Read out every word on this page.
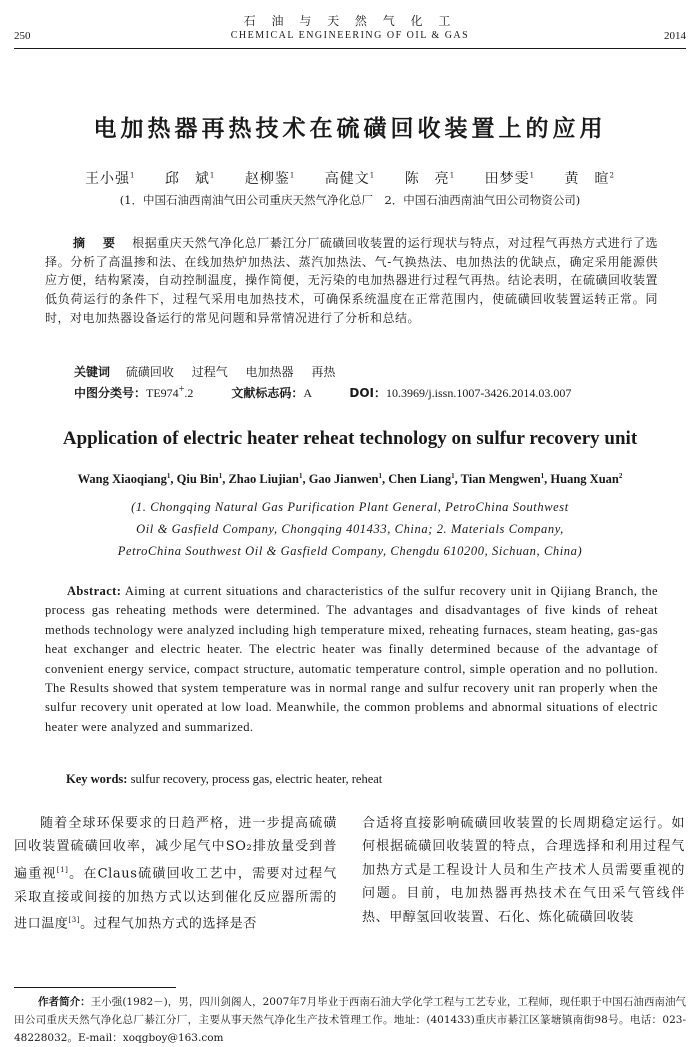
石 油 与 天 然 气 化 工
250	CHEMICAL ENGINEERING OF OIL & GAS	2014
电加热器再热技术在硫磺回收装置上的应用
王小强$^1$ 邱　斌$^1$ 赵柳鉴$^1$ 高健文$^1$ 陈　亮$^1$ 田梦雯$^1$ 黄　暄$^2$
(1．中国石油西南油气田公司重庆天然气净化总厂　2．中国石油西南油气田公司物资公司)
摘　要 根据重庆天然气净化总厂綦江分厂硫磺回收装置的运行现状与特点，对过程气再热方式进行了选择。分析了高温掺和法、在线加热炉加热法、蒸汽加热法、气-气换热法、电加热法的优缺点，确定采用能源供应方便，结构紧凑，自动控制温度，操作简便，无污染的电加热器进行过程气再热。结论表明，在硫磺回收装置低负荷运行的条件下，过程气采用电加热技术，可确保系统温度在正常范围内，使硫磺回收装置运转正常。同时，对电加热器设备运行的常见问题和异常情况进行了分析和总结。
关键词 硫磺回收 过程气 电加热器 再热
中图分类号：TE974+.2	文献标志码：A	DOI：10.3969/j.issn.1007-3426.2014.03.007
Application of electric heater reheat technology on sulfur recovery unit
Wang Xiaoqiang$^1$, Qiu Bin$^1$, Zhao Liujian$^1$, Gao Jianwen$^1$, Chen Liang$^1$, Tian Mengwen$^1$, Huang Xuan$^2$
(1. Chongqing Natural Gas Purification Plant General, PetroChina Southwest
Oil & Gasfield Company, Chongqing 401433, China; 2. Materials Company,
PetroChina Southwest Oil & Gasfield Company, Chengdu 610200, Sichuan, China)
Abstract: Aiming at current situations and characteristics of the sulfur recovery unit in Qijiang Branch, the process gas reheating methods were determined. The advantages and disadvantages of five kinds of reheat methods technology were analyzed including high temperature mixed, reheating furnaces, steam heating, gas-gas heat exchanger and electric heater. The electric heater was finally determined because of the advantage of convenient energy service, compact structure, automatic temperature control, simple operation and no pollution. The Results showed that system temperature was in normal range and sulfur recovery unit ran properly when the sulfur recovery unit operated at low load. Meanwhile, the common problems and abnormal situations of electric heater were analyzed and summarized.
Key words: sulfur recovery, process gas, electric heater, reheat
随着全球环保要求的日趋严格，进一步提高硫磺回收装置硫磺回收率，减少尾气中SO₂排放量受到普遍重视[1]。在Claus硫磺回收工艺中，需要对过程气采取直接或间接的加热方式以达到催化反应器所需的进口温度[3]。过程气加热方式的选择是否
合适将直接影响硫磺回收装置的长周期稳定运行。如何根据硫磺回收装置的特点，合理选择和利用过程气加热方式是工程设计人员和生产技术人员需要重视的问题。目前，电加热器再热技术在气田采气管线伴热、甲醇氢回收装置、石化、炼化硫磺回收装
作者简介：王小强(1982－)，男，四川剑阁人，2007年7月毕业于西南石油大学化学工程与工艺专业，工程师，现任职于中国石油西南油气田公司重庆天然气净化总厂綦江分厂，主要从事天然气净化生产技术管理工作。地址：(401433)重庆市綦江区篆塘镇南街98号。电话：023-48228032。E-mail：xoqgboy@163.com
